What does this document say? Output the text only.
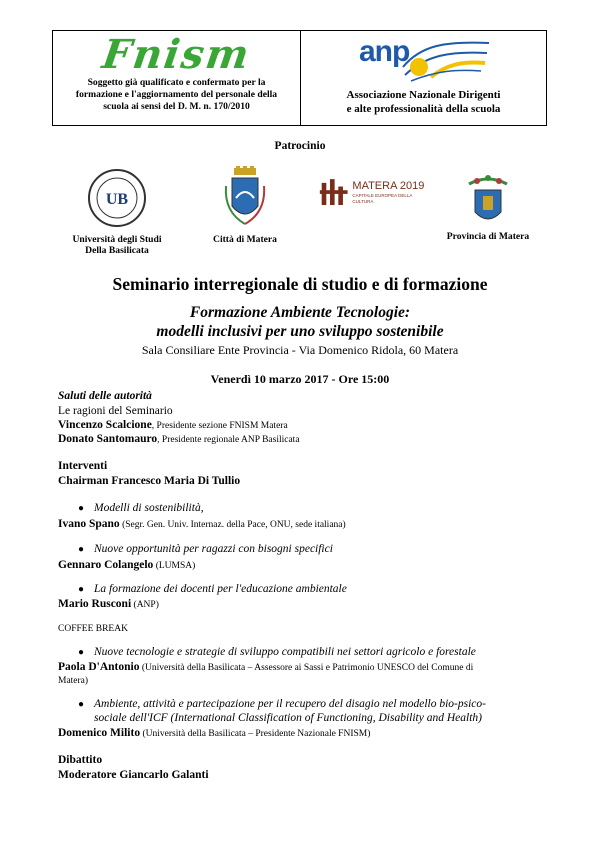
Fnism
Soggetto già qualificato e confermato per la
formazione e l'aggiornamento del personale della
scuola ai sensi del D. M. n. 170/2010
anp
Associazione Nazionale Dirigenti
e alte professionalità della scuola
Patrocinio
UB
Università degli Studi
Della Basilicata
Città di Matera
MATERA 2019
CAPITALE EUROPEA DELLA CULTURA
Provincia di Matera
Seminario interregionale di studio e di formazione
Formazione Ambiente Tecnologie:
modelli inclusivi per uno sviluppo sostenibile
Sala Consiliare Ente Provincia - Via Domenico Ridola, 60 Matera
Venerdì 10 marzo 2017 - Ore 15:00
Saluti delle autorità
Le ragioni del Seminario
Vincenzo Scalcione, Presidente sezione FNISM Matera
Donato Santomauro, Presidente regionale ANP Basilicata
Interventi
Chairman Francesco Maria Di Tullio
● Modelli di sostenibilità,
Ivano Spano (Segr. Gen. Univ. Internaz. della Pace, ONU, sede italiana)
● Nuove opportunità per ragazzi con bisogni specifici
Gennaro Colangelo (LUMSA)
● La formazione dei docenti per l'educazione ambientale
Mario Rusconi (ANP)
COFFEE BREAK
● Nuove tecnologie e strategie di sviluppo compatibili nei settori agricolo e forestale
Paola D'Antonio (Università della Basilicata – Assessore ai Sassi e Patrimonio UNESCO del Comune di
Matera)
● Ambiente, attività e partecipazione per il recupero del disagio nel modello bio-psico-
sociale dell'ICF (International Classification of Functioning, Disability and Health)
Domenico Milito (Università della Basilicata – Presidente Nazionale FNISM)
Dibattito
Moderatore Giancarlo Galanti
